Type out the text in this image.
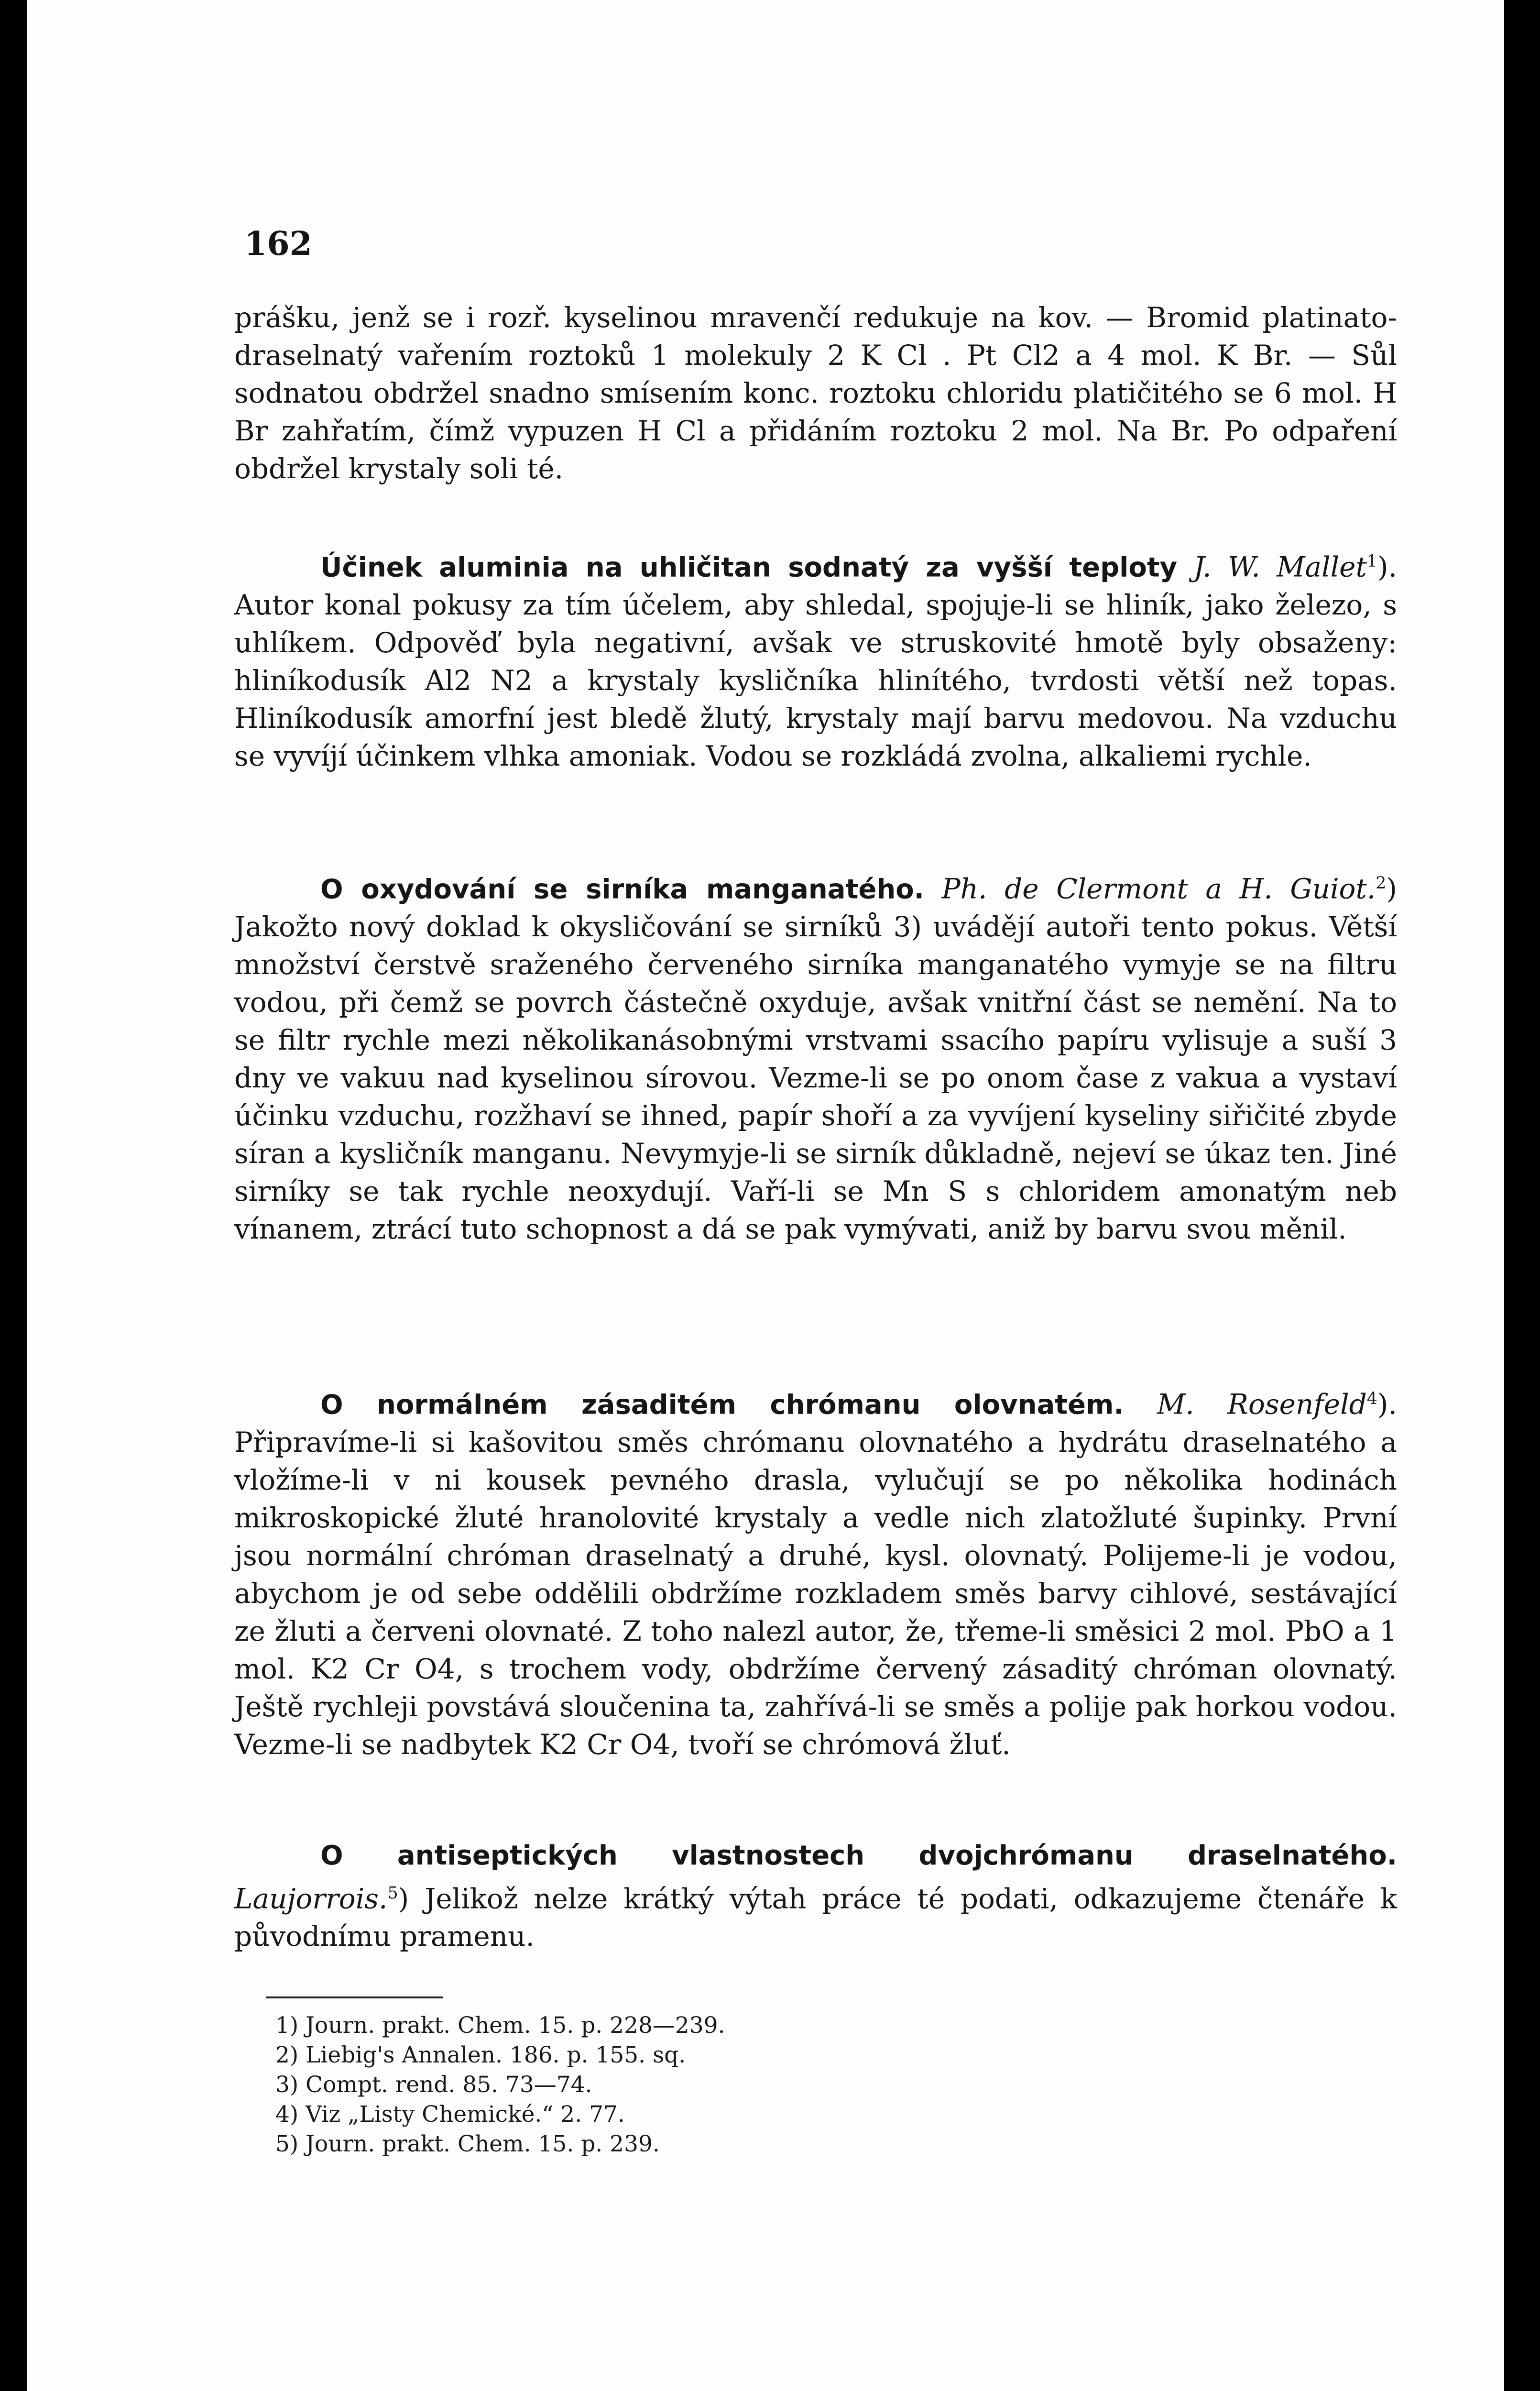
162

prášku, jenž se i rozř. kyselinou mravenčí redukuje na kov. — Bromid platinato-draselnatý vařením roztoků 1 molekuly 2 K Cl . Pt Cl2 a 4 mol. K Br. — Sůl sodnatou obdržel snadno smísením konc. roztoku chloridu platičitého se 6 mol. H Br zahřatím, čímž vypuzen H Cl a přidáním roztoku 2 mol. Na Br. Po odpaření obdržel krystaly soli té.

Účinek aluminia na uhličitan sodnatý za vyšší teploty J. W. Mallet$^1$). Autor konal pokusy za tím účelem, aby shledal, spojuje-li se hliník, jako železo, s uhlíkem. Odpověď byla negativní, avšak ve struskovité hmotě byly obsaženy: hliníkodusík Al2 N2 a krystaly kysličníka hlinítého, tvrdosti větší než topas. Hliníkodusík amorfní jest bledě žlutý, krystaly mají barvu medovou. Na vzduchu se vyvíjí účinkem vlhka amoniak. Vodou se rozkládá zvolna, alkaliemi rychle.

O oxydování se sirníka manganatého. Ph. de Clermont a H. Guiot.$^2$) Jakožto nový doklad k okysličování se sirníků 3) uvádějí autoři tento pokus. Větší množství čerstvě sraženého červeného sirníka manganatého vymyje se na filtru vodou, při čemž se povrch částečně oxyduje, avšak vnitřní část se nemění. Na to se filtr rychle mezi několikanásobnými vrstvami ssacího papíru vylisuje a suší 3 dny ve vakuu nad kyselinou sírovou. Vezme-li se po onom čase z vakua a vystaví účinku vzduchu, rozžhaví se ihned, papír shoří a za vyvíjení kyseliny siřičité zbyde síran a kysličník manganu. Nevymyje-li se sirník důkladně, nejeví se úkaz ten. Jiné sirníky se tak rychle neoxydují. Vaří-li se Mn S s chloridem amonatým neb vínanem, ztrácí tuto schopnost a dá se pak vymývati, aniž by barvu svou měnil.

O normálném zásaditém chrómanu olovnatém. M. Rosenfeld$^4$). Připravíme-li si kašovitou směs chrómanu olovnatého a hydrátu draselnatého a vložíme-li v ni kousek pevného drasla, vylučují se po několika hodinách mikroskopické žluté hranolovité krystaly a vedle nich zlatožluté šupinky. První jsou normální chróman draselnatý a druhé, kysl. olovnatý. Polijeme-li je vodou, abychom je od sebe oddělili obdržíme rozkladem směs barvy cihlové, sestávající ze žluti a červeni olovnaté. Z toho nalezl autor, že, třeme-li směsici 2 mol. PbO a 1 mol. K2 Cr O4, s trochem vody, obdržíme červený zásaditý chróman olovnatý. Ještě rychleji povstává sloučenina ta, zahřívá-li se směs a polije pak horkou vodou. Vezme-li se nadbytek K2 Cr O4, tvoří se chrómová žluť.

O antiseptických vlastnostech dvojchrómanu draselnatého. Laujorrois.$^5$) Jelikož nelze krátký výtah práce té podati, odkazujeme čtenáře k původnímu pramenu.

1) Journ. prakt. Chem. 15. p. 228—239.
2) Liebig's Annalen. 186. p. 155. sq.
3) Compt. rend. 85. 73—74.
4) Viz „Listy Chemické.“ 2. 77.
5) Journ. prakt. Chem. 15. p. 239.
